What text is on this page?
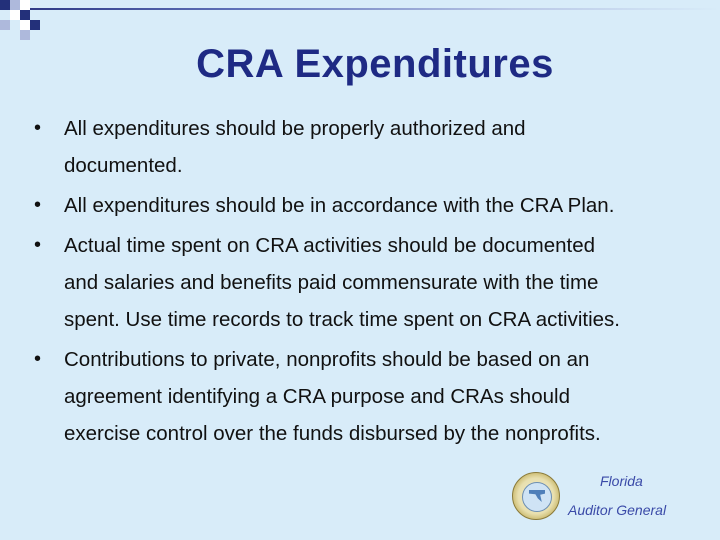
CRA Expenditures
• All expenditures should be properly authorized and
documented.
• All expenditures should be in accordance with the CRA Plan.
• Actual time spent on CRA activities should be documented
and salaries and benefits paid commensurate with the time
spent. Use time records to track time spent on CRA activities.
• Contributions to private, nonprofits should be based on an
agreement identifying a CRA purpose and CRAs should
exercise control over the funds disbursed by the nonprofits.
Florida
Auditor General
